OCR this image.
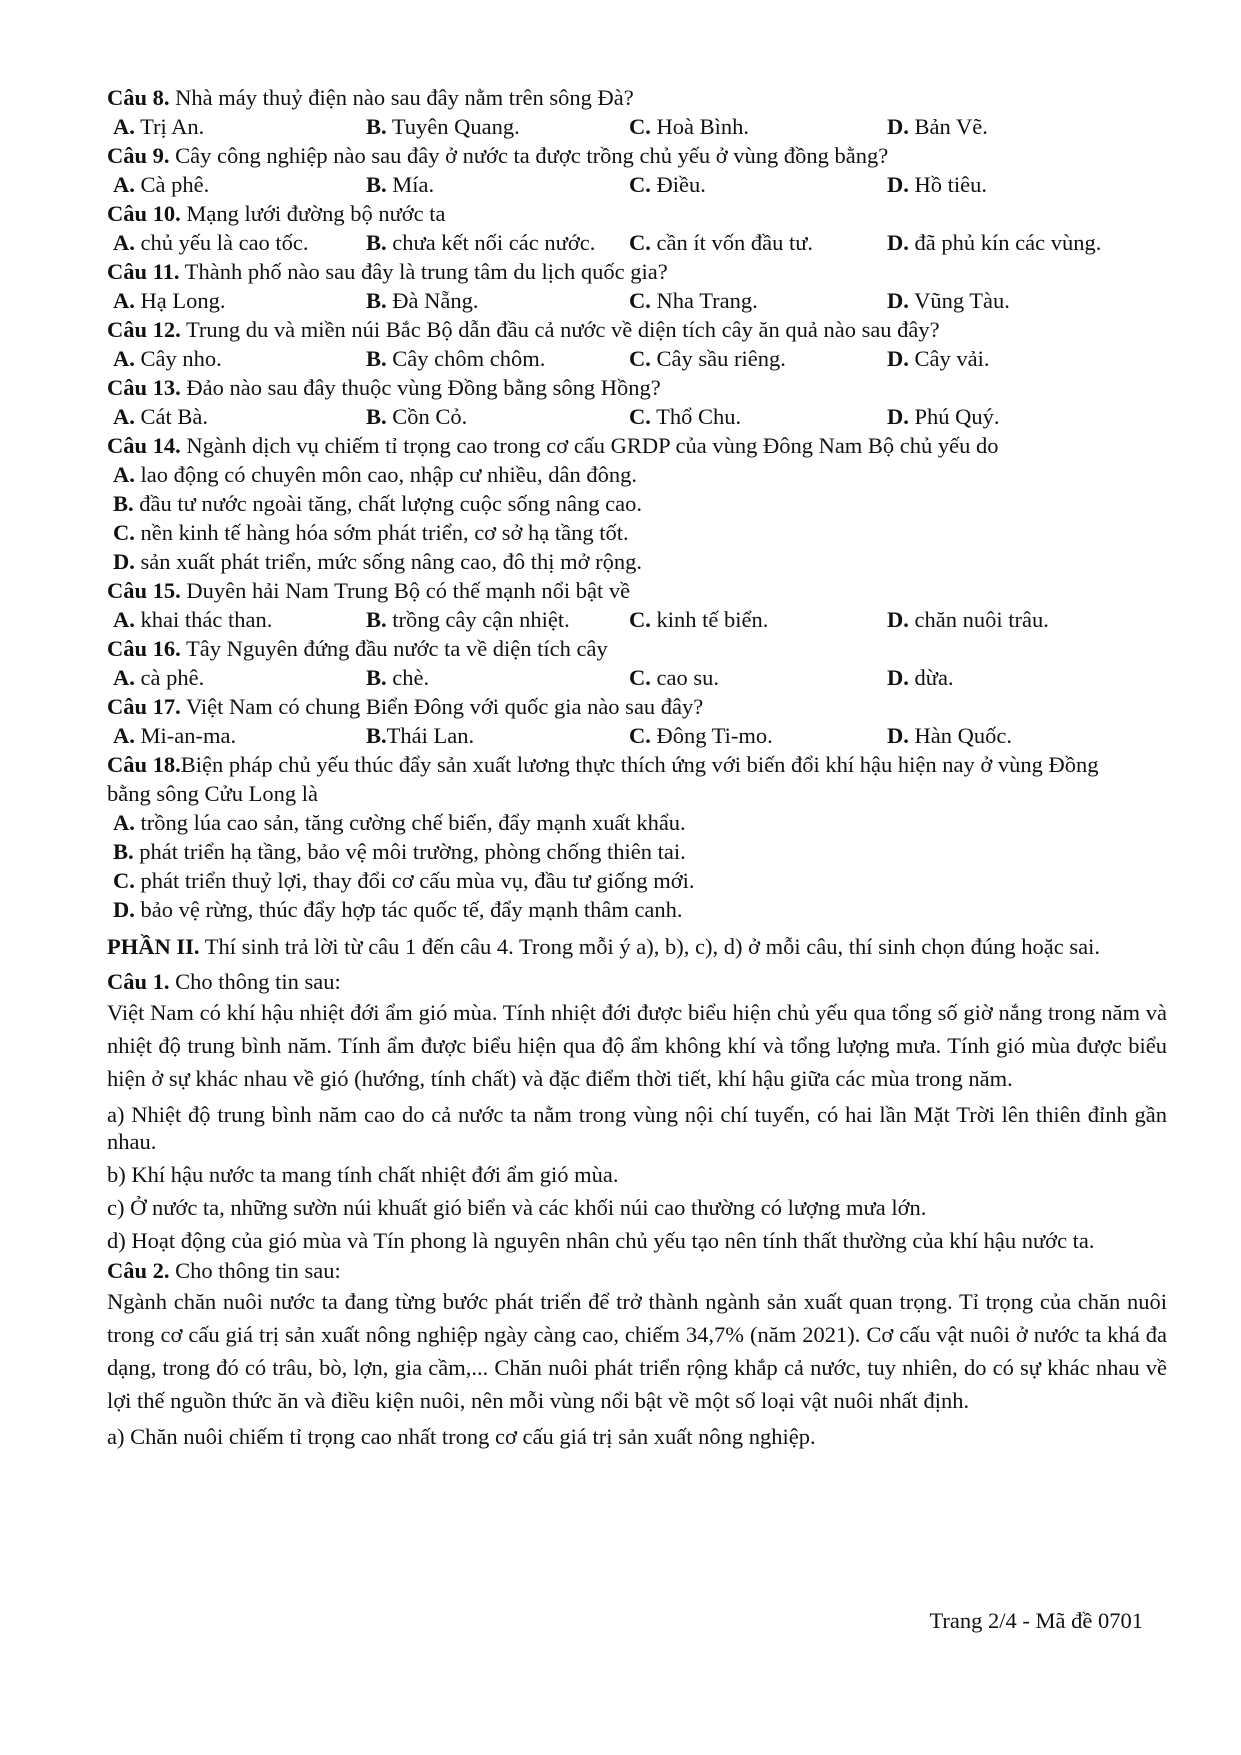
Câu 8. Nhà máy thuỷ điện nào sau đây nằm trên sông Đà?
A. Trị An.	B. Tuyên Quang.	C. Hoà Bình.	D. Bản Vẽ.
Câu 9. Cây công nghiệp nào sau đây ở nước ta được trồng chủ yếu ở vùng đồng bằng?
A. Cà phê.	B. Mía.	C. Điều.	D. Hồ tiêu.
Câu 10. Mạng lưới đường bộ nước ta
A. chủ yếu là cao tốc.	B. chưa kết nối các nước.	C. cần ít vốn đầu tư.	D. đã phủ kín các vùng.
Câu 11. Thành phố nào sau đây là trung tâm du lịch quốc gia?
A. Hạ Long.	B. Đà Nẵng.	C. Nha Trang.	D. Vũng Tàu.
Câu 12. Trung du và miền núi Bắc Bộ dẫn đầu cả nước về diện tích cây ăn quả nào sau đây?
A. Cây nho.	B. Cây chôm chôm.	C. Cây sầu riêng.	D. Cây vải.
Câu 13. Đảo nào sau đây thuộc vùng Đồng bằng sông Hồng?
A. Cát Bà.	B. Cồn Cỏ.	C. Thổ Chu.	D. Phú Quý.
Câu 14. Ngành dịch vụ chiếm tỉ trọng cao trong cơ cấu GRDP của vùng Đông Nam Bộ chủ yếu do
A. lao động có chuyên môn cao, nhập cư nhiều, dân đông.
B. đầu tư nước ngoài tăng, chất lượng cuộc sống nâng cao.
C. nền kinh tế hàng hóa sớm phát triển, cơ sở hạ tầng tốt.
D. sản xuất phát triển, mức sống nâng cao, đô thị mở rộng.
Câu 15. Duyên hải Nam Trung Bộ có thế mạnh nổi bật về
A. khai thác than.	B. trồng cây cận nhiệt.	C. kinh tế biển.	D. chăn nuôi trâu.
Câu 16. Tây Nguyên đứng đầu nước ta về diện tích cây
A. cà phê.	B. chè.	C. cao su.	D. dừa.
Câu 17. Việt Nam có chung Biển Đông với quốc gia nào sau đây?
A. Mi-an-ma.	B.Thái Lan.	C. Đông Ti-mo.	D. Hàn Quốc.
Câu 18.Biện pháp chủ yếu thúc đẩy sản xuất lương thực thích ứng với biến đổi khí hậu hiện nay ở vùng Đồng
bằng sông Cửu Long là
A. trồng lúa cao sản, tăng cường chế biến, đẩy mạnh xuất khẩu.
B. phát triển hạ tầng, bảo vệ môi trường, phòng chống thiên tai.
C. phát triển thuỷ lợi, thay đổi cơ cấu mùa vụ, đầu tư giống mới.
D. bảo vệ rừng, thúc đẩy hợp tác quốc tế, đẩy mạnh thâm canh.
PHẦN II. Thí sinh trả lời từ câu 1 đến câu 4. Trong mỗi ý a), b), c), d) ở mỗi câu, thí sinh chọn đúng hoặc sai.
Câu 1. Cho thông tin sau:
Việt Nam có khí hậu nhiệt đới ẩm gió mùa. Tính nhiệt đới được biểu hiện chủ yếu qua tổng số giờ nắng trong năm và nhiệt độ trung bình năm. Tính ẩm được biểu hiện qua độ ẩm không khí và tổng lượng mưa. Tính gió mùa được biểu hiện ở sự khác nhau về gió (hướng, tính chất) và đặc điểm thời tiết, khí hậu giữa các mùa trong năm.
a) Nhiệt độ trung bình năm cao do cả nước ta nằm trong vùng nội chí tuyến, có hai lần Mặt Trời lên thiên đỉnh gần nhau.
b) Khí hậu nước ta mang tính chất nhiệt đới ẩm gió mùa.
c) Ở nước ta, những sườn núi khuất gió biển và các khối núi cao thường có lượng mưa lớn.
d) Hoạt động của gió mùa và Tín phong là nguyên nhân chủ yếu tạo nên tính thất thường của khí hậu nước ta.
Câu 2. Cho thông tin sau:
Ngành chăn nuôi nước ta đang từng bước phát triển để trở thành ngành sản xuất quan trọng. Tỉ trọng của chăn nuôi trong cơ cấu giá trị sản xuất nông nghiệp ngày càng cao, chiếm 34,7% (năm 2021). Cơ cấu vật nuôi ở nước ta khá đa dạng, trong đó có trâu, bò, lợn, gia cầm,... Chăn nuôi phát triển rộng khắp cả nước, tuy nhiên, do có sự khác nhau về lợi thế nguồn thức ăn và điều kiện nuôi, nên mỗi vùng nổi bật về một số loại vật nuôi nhất định.
a) Chăn nuôi chiếm tỉ trọng cao nhất trong cơ cấu giá trị sản xuất nông nghiệp.
Trang 2/4 - Mã đề 0701
